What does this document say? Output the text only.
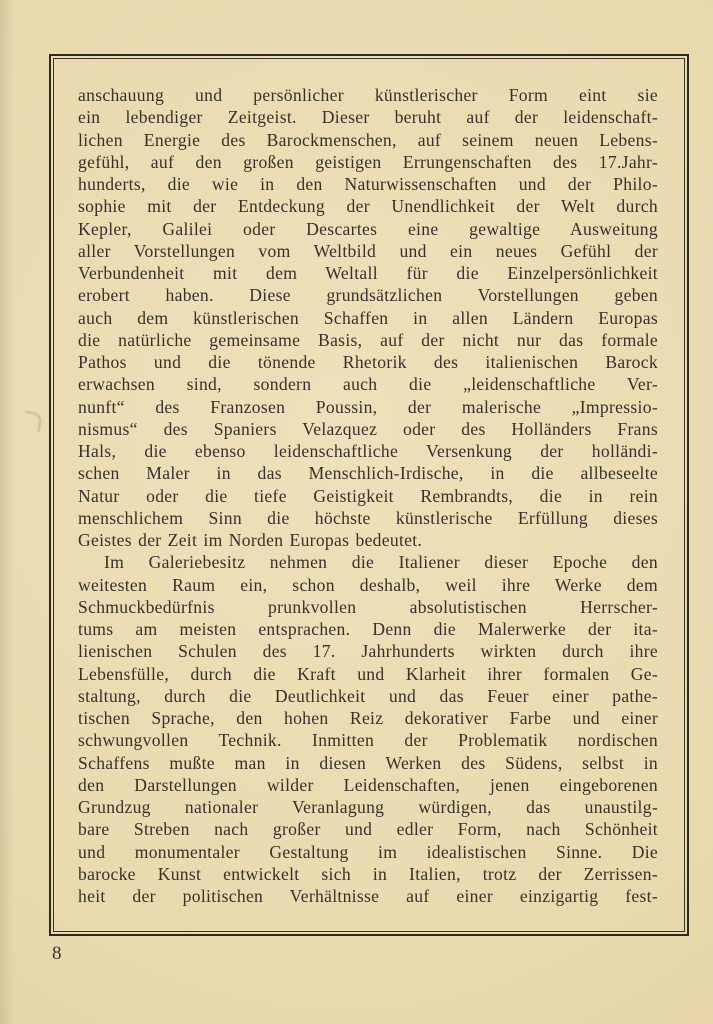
anschauung und persönlicher künstlerischer Form eint sie
ein lebendiger Zeitgeist. Dieser beruht auf der leidenschaft-
lichen Energie des Barockmenschen, auf seinem neuen Lebens-
gefühl, auf den großen geistigen Errungenschaften des 17.Jahr-
hunderts, die wie in den Naturwissenschaften und der Philo-
sophie mit der Entdeckung der Unendlichkeit der Welt durch
Kepler, Galilei oder Descartes eine gewaltige Ausweitung
aller Vorstellungen vom Weltbild und ein neues Gefühl der
Verbundenheit mit dem Weltall für die Einzelpersönlichkeit
erobert haben. Diese grundsätzlichen Vorstellungen geben
auch dem künstlerischen Schaffen in allen Ländern Europas
die natürliche gemeinsame Basis, auf der nicht nur das formale
Pathos und die tönende Rhetorik des italienischen Barock
erwachsen sind, sondern auch die „leidenschaftliche Ver-
nunft“ des Franzosen Poussin, der malerische „Impressio-
nismus“ des Spaniers Velazquez oder des Holländers Frans
Hals, die ebenso leidenschaftliche Versenkung der holländi-
schen Maler in das Menschlich-Irdische, in die allbeseelte
Natur oder die tiefe Geistigkeit Rembrandts, die in rein
menschlichem Sinn die höchste künstlerische Erfüllung dieses
Geistes der Zeit im Norden Europas bedeutet.
Im Galeriebesitz nehmen die Italiener dieser Epoche den
weitesten Raum ein, schon deshalb, weil ihre Werke dem
Schmuckbedürfnis prunkvollen absolutistischen Herrscher-
tums am meisten entsprachen. Denn die Malerwerke der ita-
lienischen Schulen des 17. Jahrhunderts wirkten durch ihre
Lebensfülle, durch die Kraft und Klarheit ihrer formalen Ge-
staltung, durch die Deutlichkeit und das Feuer einer pathe-
tischen Sprache, den hohen Reiz dekorativer Farbe und einer
schwungvollen Technik. Inmitten der Problematik nordischen
Schaffens mußte man in diesen Werken des Südens, selbst in
den Darstellungen wilder Leidenschaften, jenen eingeborenen
Grundzug nationaler Veranlagung würdigen, das unaustilg-
bare Streben nach großer und edler Form, nach Schönheit
und monumentaler Gestaltung im idealistischen Sinne. Die
barocke Kunst entwickelt sich in Italien, trotz der Zerrissen-
heit der politischen Verhältnisse auf einer einzigartig fest-
8
